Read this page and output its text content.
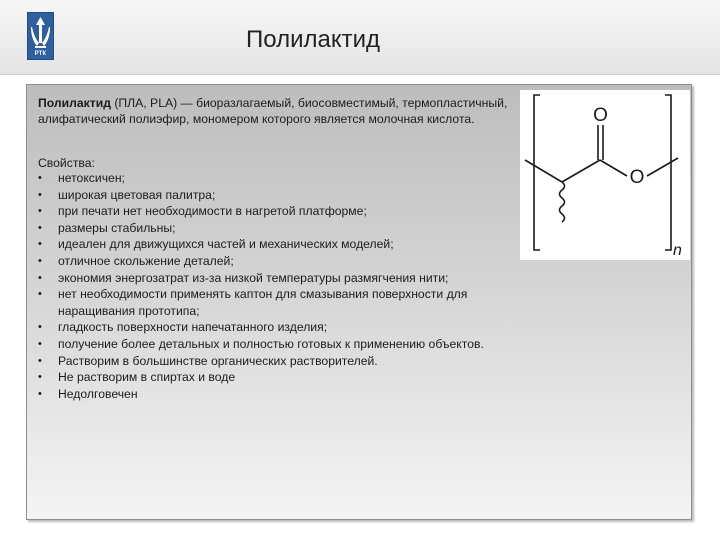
РТК
Полилактид
O
O
n
Полилактид (ПЛА, PLA) — биоразлагаемый, биосовместимый, термопластичный, алифатический полиэфир, мономером которого является молочная кислота.
Свойства:
• нетоксичен;
• широкая цветовая палитра;
• при печати нет необходимости в нагретой платформе;
• размеры стабильны;
• идеален для движущихся частей и механических моделей;
• отличное скольжение деталей;
• экономия энергозатрат из-за низкой температуры размягчения нити;
• нет необходимости применять каптон для смазывания поверхности для наращивания прототипа;
• гладкость поверхности напечатанного изделия;
• получение более детальных и полностью готовых к применению объектов.
• Растворим в большинстве органических растворителей.
• Не растворим в спиртах и воде
• Недолговечен
